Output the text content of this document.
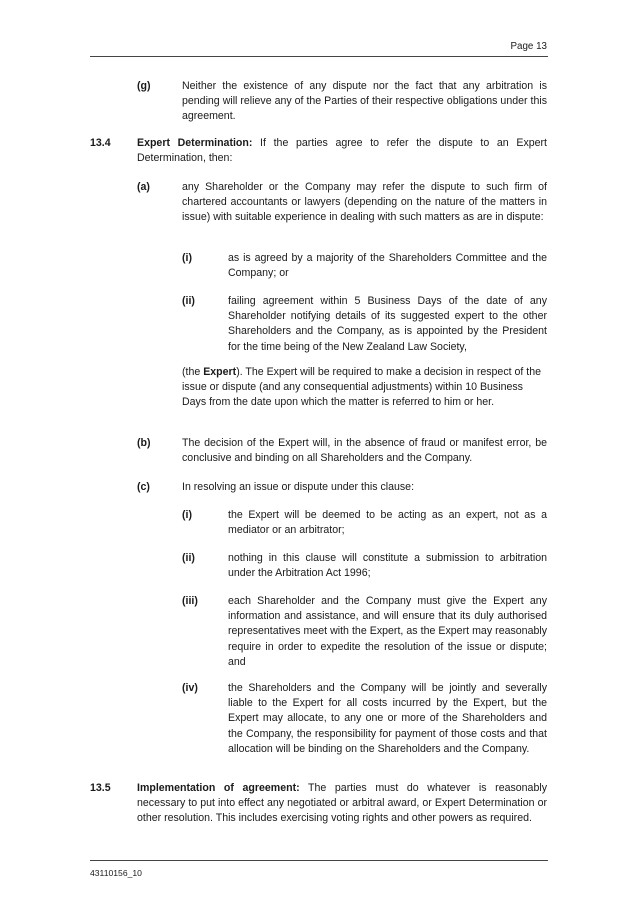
Page 13
(g)	Neither the existence of any dispute nor the fact that any arbitration is pending will relieve any of the Parties of their respective obligations under this agreement.

13.4 Expert Determination: If the parties agree to refer the dispute to an Expert Determination, then:

(a)	any Shareholder or the Company may refer the dispute to such firm of chartered accountants or lawyers (depending on the nature of the matters in issue) with suitable experience in dealing with such matters as are in dispute:

(i)	as is agreed by a majority of the Shareholders Committee and the Company; or

(ii)	failing agreement within 5 Business Days of the date of any Shareholder notifying details of its suggested expert to the other Shareholders and the Company, as is appointed by the President for the time being of the New Zealand Law Society,

(the Expert). The Expert will be required to make a decision in respect of the issue or dispute (and any consequential adjustments) within 10 Business Days from the date upon which the matter is referred to him or her.

(b)	The decision of the Expert will, in the absence of fraud or manifest error, be conclusive and binding on all Shareholders and the Company.

(c)	In resolving an issue or dispute under this clause:

(i)	the Expert will be deemed to be acting as an expert, not as a mediator or an arbitrator;

(ii)	nothing in this clause will constitute a submission to arbitration under the Arbitration Act 1996;

(iii)	each Shareholder and the Company must give the Expert any information and assistance, and will ensure that its duly authorised representatives meet with the Expert, as the Expert may reasonably require in order to expedite the resolution of the issue or dispute; and

(iv)	the Shareholders and the Company will be jointly and severally liable to the Expert for all costs incurred by the Expert, but the Expert may allocate, to any one or more of the Shareholders and the Company, the responsibility for payment of those costs and that allocation will be binding on the Shareholders and the Company.

13.5 Implementation of agreement: The parties must do whatever is reasonably necessary to put into effect any negotiated or arbitral award, or Expert Determination or other resolution. This includes exercising voting rights and other powers as required.

43110156_10
